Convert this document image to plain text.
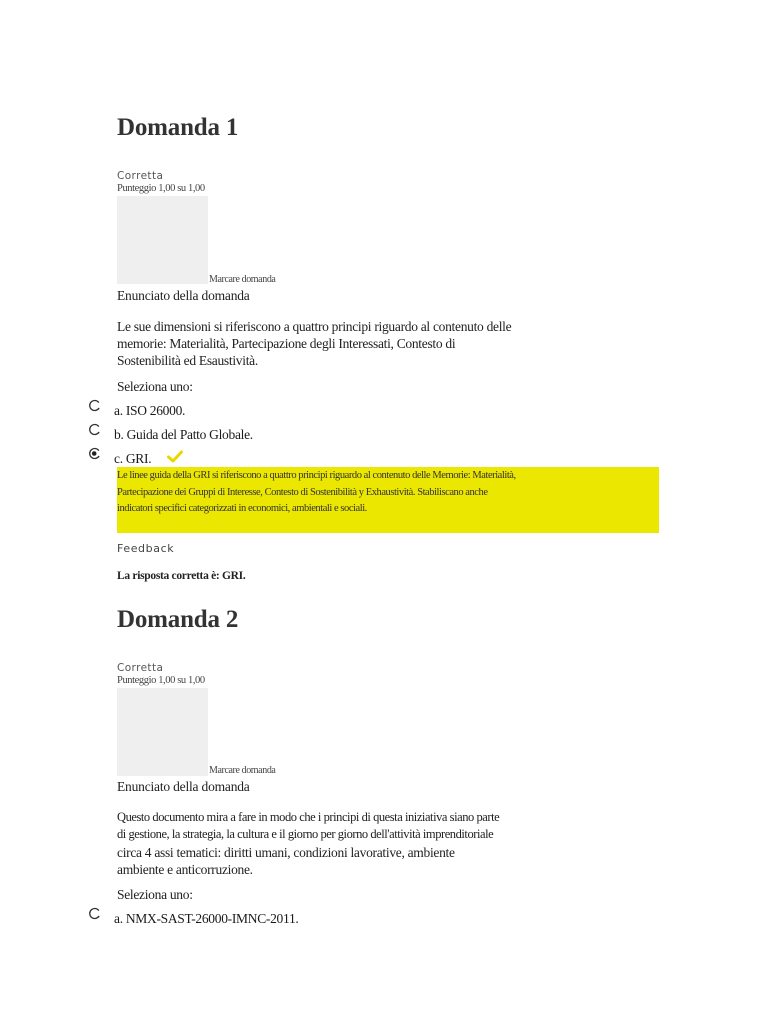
Domanda 1
Corretta
Punteggio 1,00 su 1,00
Marcare domanda
Enunciato della domanda
Le sue dimensioni si riferiscono a quattro principi riguardo al contenuto delle memorie: Materialità, Partecipazione degli Interessati, Contesto di Sostenibilità ed Esaustività.
Seleziona uno:
a. ISO 26000.
b. Guida del Patto Globale.
c. GRI.
Le linee guida della GRI si riferiscono a quattro principi riguardo al contenuto delle Memorie: Materialità, Partecipazione dei Gruppi di Interesse, Contesto di Sostenibilità y Exhaustività. Stabiliscano anche indicatori specifici categorizzati in economici, ambientali e sociali.
Feedback
La risposta corretta è: GRI.
Domanda 2
Corretta
Punteggio 1,00 su 1,00
Marcare domanda
Enunciato della domanda
Questo documento mira a fare in modo che i principi di questa iniziativa siano parte di gestione, la strategia, la cultura e il giorno per giorno dell'attività imprenditoriale
circa 4 assi tematici: diritti umani, condizioni lavorative, ambiente ambiente e anticorruzione.
Seleziona uno:
a. NMX-SAST-26000-IMNC-2011.
